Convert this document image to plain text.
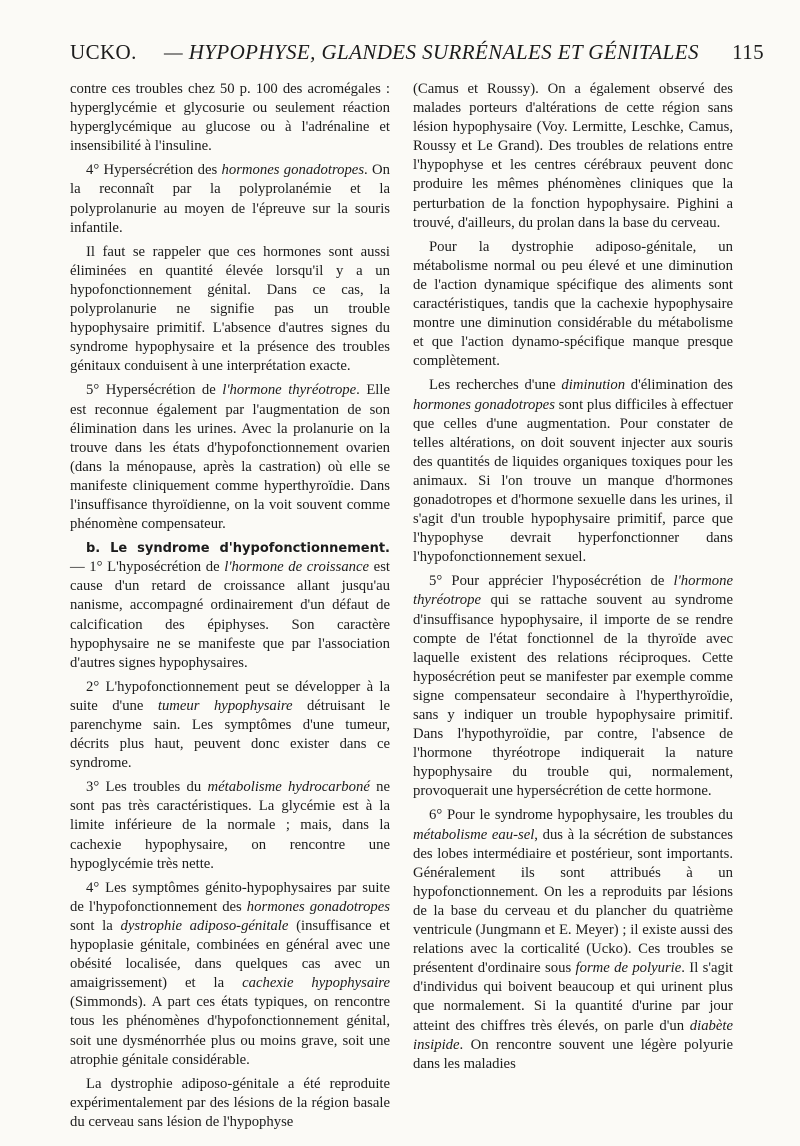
UCKO. — HYPOPHYSE, GLANDES SURRÉNALES ET GÉNITALES 115

contre ces troubles chez 50 p. 100 des acromégales : hyperglycémie et glycosurie ou seulement réaction hyperglycémique au glucose ou à l'adrénaline et insensibilité à l'insuline.

4° Hypersécrétion des hormones gonadotropes. On la reconnaît par la polyprolanémie et la polyprolanurie au moyen de l'épreuve sur la souris infantile.

Il faut se rappeler que ces hormones sont aussi éliminées en quantité élevée lorsqu'il y a un hypofonctionnement génital. Dans ce cas, la polyprolanurie ne signifie pas un trouble hypophysaire primitif. L'absence d'autres signes du syndrome hypophysaire et la présence des troubles génitaux conduisent à une interprétation exacte.

5° Hypersécrétion de l'hormone thyréotrope. Elle est reconnue également par l'augmentation de son élimination dans les urines. Avec la prolanurie on la trouve dans les états d'hypofonctionnement ovarien (dans la ménopause, après la castration) où elle se manifeste cliniquement comme hyperthyroïdie. Dans l'insuffisance thyroïdienne, on la voit souvent comme phénomène compensateur.

b. Le syndrome d'hypofonctionnement. — 1° L'hyposécrétion de l'hormone de croissance est cause d'un retard de croissance allant jusqu'au nanisme, accompagné ordinairement d'un défaut de calcification des épiphyses. Son caractère hypophysaire ne se manifeste que par l'association d'autres signes hypophysaires.

2° L'hypofonctionnement peut se développer à la suite d'une tumeur hypophysaire détruisant le parenchyme sain. Les symptômes d'une tumeur, décrits plus haut, peuvent donc exister dans ce syndrome.

3° Les troubles du métabolisme hydrocarboné ne sont pas très caractéristiques. La glycémie est à la limite inférieure de la normale ; mais, dans la cachexie hypophysaire, on rencontre une hypoglycémie très nette.

4° Les symptômes génito-hypophysaires par suite de l'hypofonctionnement des hormones gonadotropes sont la dystrophie adiposo-génitale (insuffisance et hypoplasie génitale, combinées en général avec une obésité localisée, dans quelques cas avec un amaigrissement) et la cachexie hypophysaire (Simmonds). A part ces états typiques, on rencontre tous les phénomènes d'hypofonctionnement génital, soit une dysménorrhée plus ou moins grave, soit une atrophie génitale considérable.

La dystrophie adiposo-génitale a été reproduite expérimentalement par des lésions de la région basale du cerveau sans lésion de l'hypophyse

(Camus et Roussy). On a également observé des malades porteurs d'altérations de cette région sans lésion hypophysaire (Voy. Lermitte, Leschke, Camus, Roussy et Le Grand). Des troubles de relations entre l'hypophyse et les centres cérébraux peuvent donc produire les mêmes phénomènes cliniques que la perturbation de la fonction hypophysaire. Pighini a trouvé, d'ailleurs, du prolan dans la base du cerveau.

Pour la dystrophie adiposo-génitale, un métabolisme normal ou peu élevé et une diminution de l'action dynamique spécifique des aliments sont caractéristiques, tandis que la cachexie hypophysaire montre une diminution considérable du métabolisme et que l'action dynamo-spécifique manque presque complètement.

Les recherches d'une diminution d'élimination des hormones gonadotropes sont plus difficiles à effectuer que celles d'une augmentation. Pour constater de telles altérations, on doit souvent injecter aux souris des quantités de liquides organiques toxiques pour les animaux. Si l'on trouve un manque d'hormones gonadotropes et d'hormone sexuelle dans les urines, il s'agit d'un trouble hypophysaire primitif, parce que l'hypophyse devrait hyperfonctionner dans l'hypofonctionnement sexuel.

5° Pour apprécier l'hyposécrétion de l'hormone thyréotrope qui se rattache souvent au syndrome d'insuffisance hypophysaire, il importe de se rendre compte de l'état fonctionnel de la thyroïde avec laquelle existent des relations réciproques. Cette hyposécrétion peut se manifester par exemple comme signe compensateur secondaire à l'hyperthyroïdie, sans y indiquer un trouble hypophysaire primitif. Dans l'hypothyroïdie, par contre, l'absence de l'hormone thyréotrope indiquerait la nature hypophysaire du trouble qui, normalement, provoquerait une hypersécrétion de cette hormone.

6° Pour le syndrome hypophysaire, les troubles du métabolisme eau-sel, dus à la sécrétion de substances des lobes intermédiaire et postérieur, sont importants. Généralement ils sont attribués à un hypofonctionnement. On les a reproduits par lésions de la base du cerveau et du plancher du quatrième ventricule (Jungmann et E. Meyer) ; il existe aussi des relations avec la corticalité (Ucko). Ces troubles se présentent d'ordinaire sous forme de polyurie. Il s'agit d'individus qui boivent beaucoup et qui urinent plus que normalement. Si la quantité d'urine par jour atteint des chiffres très élevés, on parle d'un diabète insipide. On rencontre souvent une légère polyurie dans les maladies
